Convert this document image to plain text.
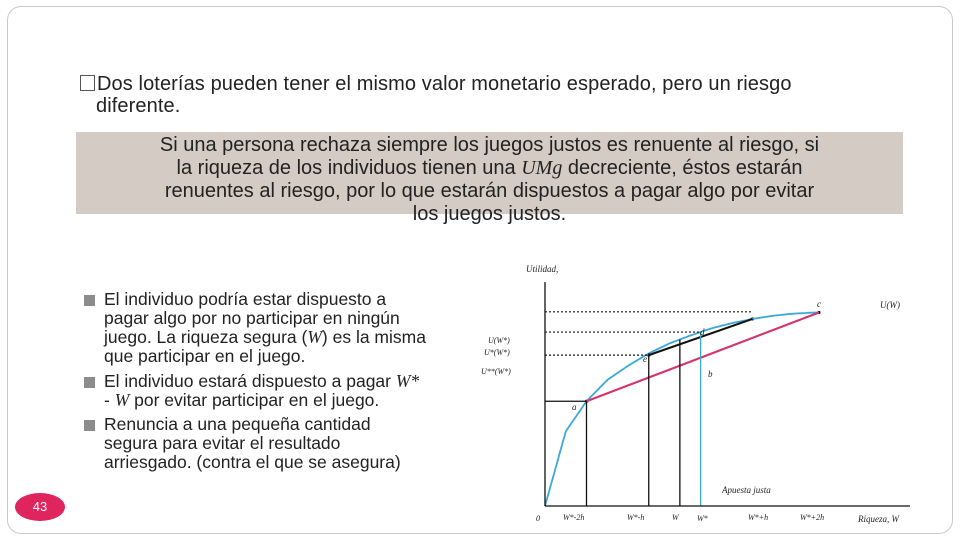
Dos loterías pueden tener el mismo valor monetario esperado, pero un riesgo
diferente.
Si una persona rechaza siempre los juegos justos es renuente al riesgo, si
la riqueza de los individuos tienen una UMg decreciente, éstos estarán
renuentes al riesgo, por lo que estarán dispuestos a pagar algo por evitar
los juegos justos.
El individuo podría estar dispuesto a
pagar algo por no participar en ningún
juego. La riqueza segura (W) es la misma
que participar en el juego.
El individuo estará dispuesto a pagar W*
- W por evitar participar en el juego.
Renuncia a una pequeña cantidad
segura para evitar el resultado
arriesgado. (contra el que se asegura)
43
Utilidad,
Riqueza, W
U(W)
Apuesta justa
U(W*)
U*(W*)
U**(W*)
0	W*-2h	W*-h	W W*	W*+h	W*+2h
a
b
c
d
e
